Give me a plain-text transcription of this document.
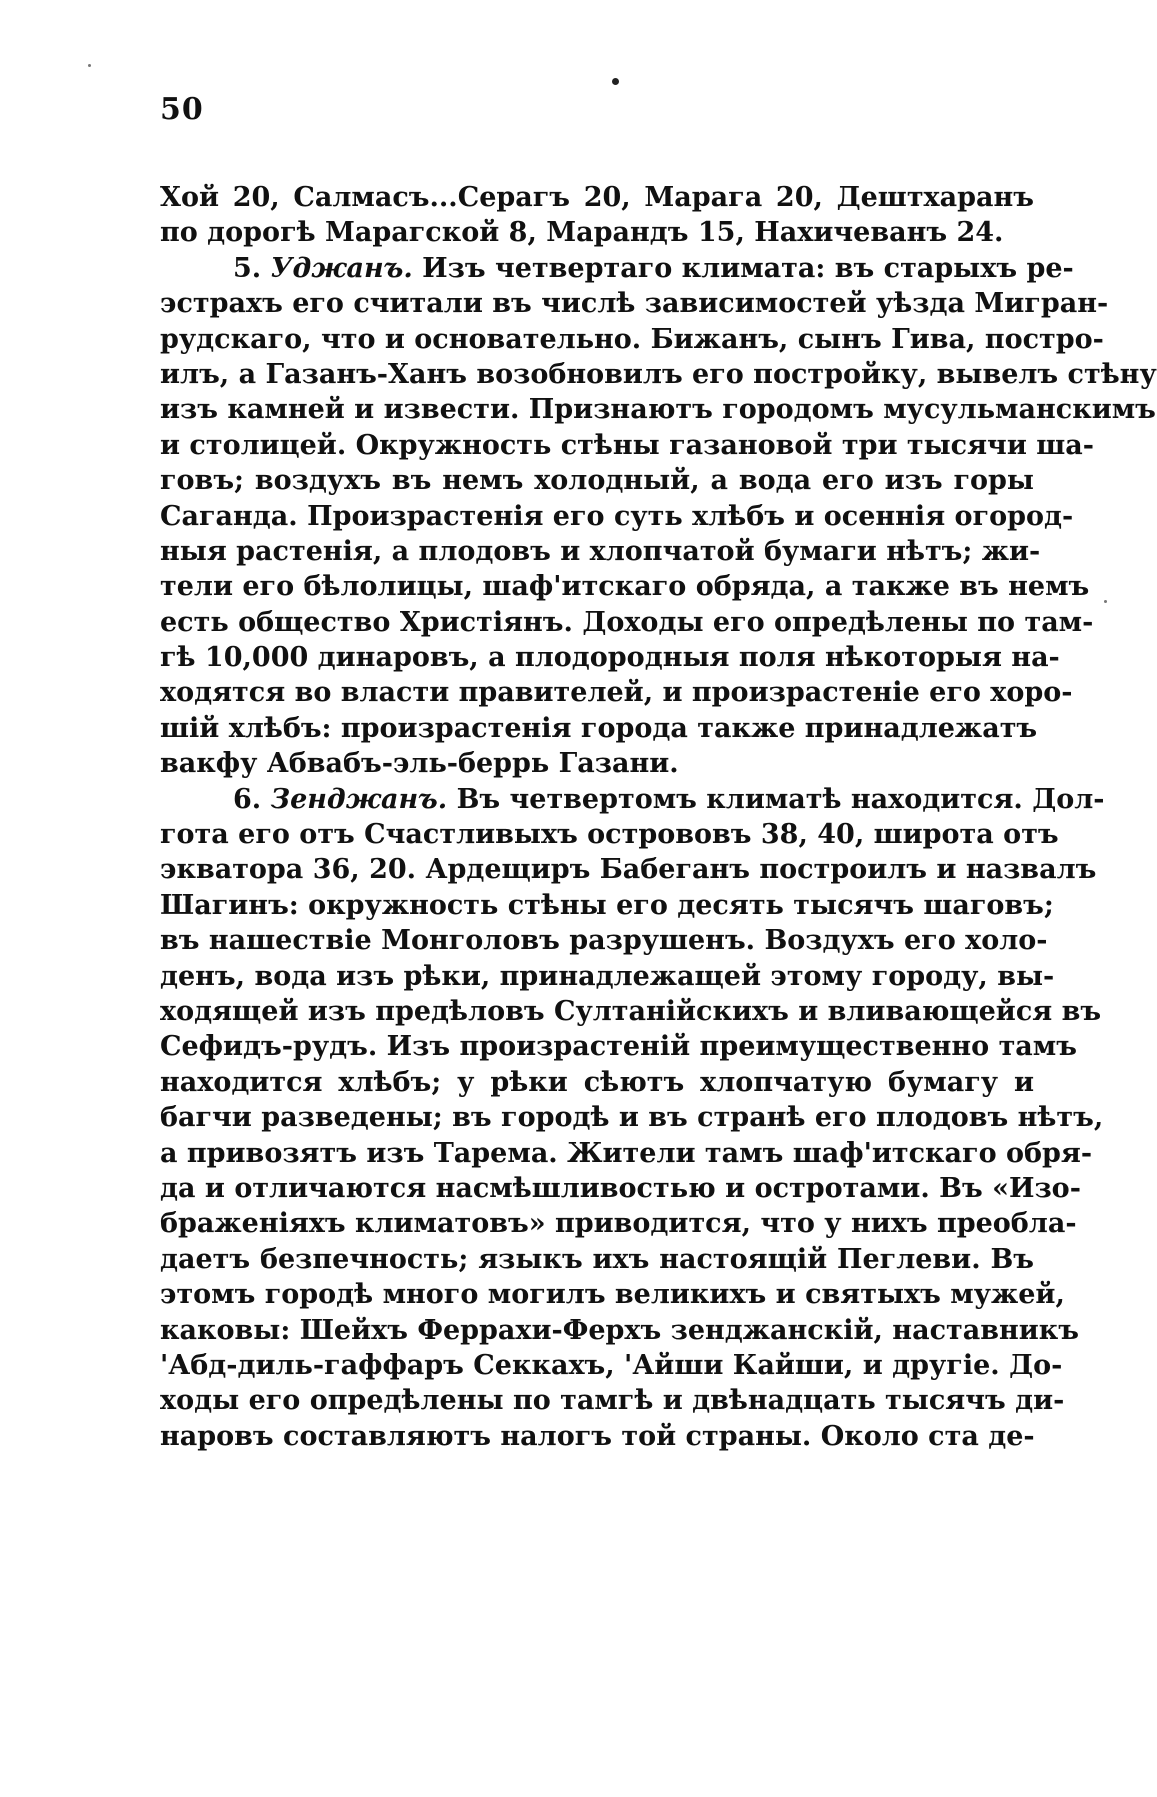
50
Хой 20, Салмасъ...Серагъ 20, Марага 20, Дештхаранъ
по дорогѣ Марагской 8, Марандъ 15, Нахичеванъ 24.
5. Уджанъ. Изъ четвертаго климата: въ старыхъ ре-
эстрахъ его считали въ числѣ зависимостей уѣзда Мигран-
рудскаго, что и основательно. Бижанъ, сынъ Гива, постро-
илъ, а Газанъ-Ханъ возобновилъ его постройку, вывелъ стѣну
изъ камней и извести. Признаютъ городомъ мусульманскимъ
и столицей. Окружность стѣны газановой три тысячи ша-
говъ; воздухъ въ немъ холодный, а вода его изъ горы
Саганда. Произрастенія его суть хлѣбъ и осеннія огород-
ныя растенія, а плодовъ и хлопчатой бумаги нѣтъ; жи-
тели его бѣлолицы, шаф'итскаго обряда, а также въ немъ
есть общество Христіянъ. Доходы его опредѣлены по там-
гѣ 10,000 динаровъ, а плодородныя поля нѣкоторыя на-
ходятся во власти правителей, и произрастеніе его хоро-
шій хлѣбъ: произрастенія города также принадлежатъ
вакфу Абвабъ-эль-беррь Газани.
6. Зенджанъ. Въ четвертомъ климатѣ находится. Дол-
гота его отъ Счастливыхъ острововъ 38, 40, широта отъ
экватора 36, 20. Ардещиръ Бабеганъ построилъ и назвалъ
Шагинъ: окружность стѣны его десять тысячъ шаговъ;
въ нашествіе Монголовъ разрушенъ. Воздухъ его холо-
денъ, вода изъ рѣки, принадлежащей этому городу, вы-
ходящей изъ предѣловъ Султанійскихъ и вливающейся въ
Сефидъ-рудъ. Изъ произрастеній преимущественно тамъ
находится хлѣбъ; у рѣки сѣютъ хлопчатую бумагу и
багчи разведены; въ городѣ и въ странѣ его плодовъ нѣтъ,
а привозятъ изъ Тарема. Жители тамъ шаф'итскаго обря-
да и отличаются насмѣшливостью и остротами. Въ «Изо-
браженіяхъ климатовъ» приводится, что у нихъ преобла-
даетъ безпечность; языкъ ихъ настоящій Пеглеви. Въ
этомъ городѣ много могилъ великихъ и святыхъ мужей,
каковы: Шейхъ Феррахи-Ферхъ зенджанскій, наставникъ
'Абд-диль-гаффаръ Секкахъ, 'Айши Кайши, и другіе. До-
ходы его опредѣлены по тамгѣ и двѣнадцать тысячъ ди-
наровъ составляютъ налогъ той страны. Около ста де-
